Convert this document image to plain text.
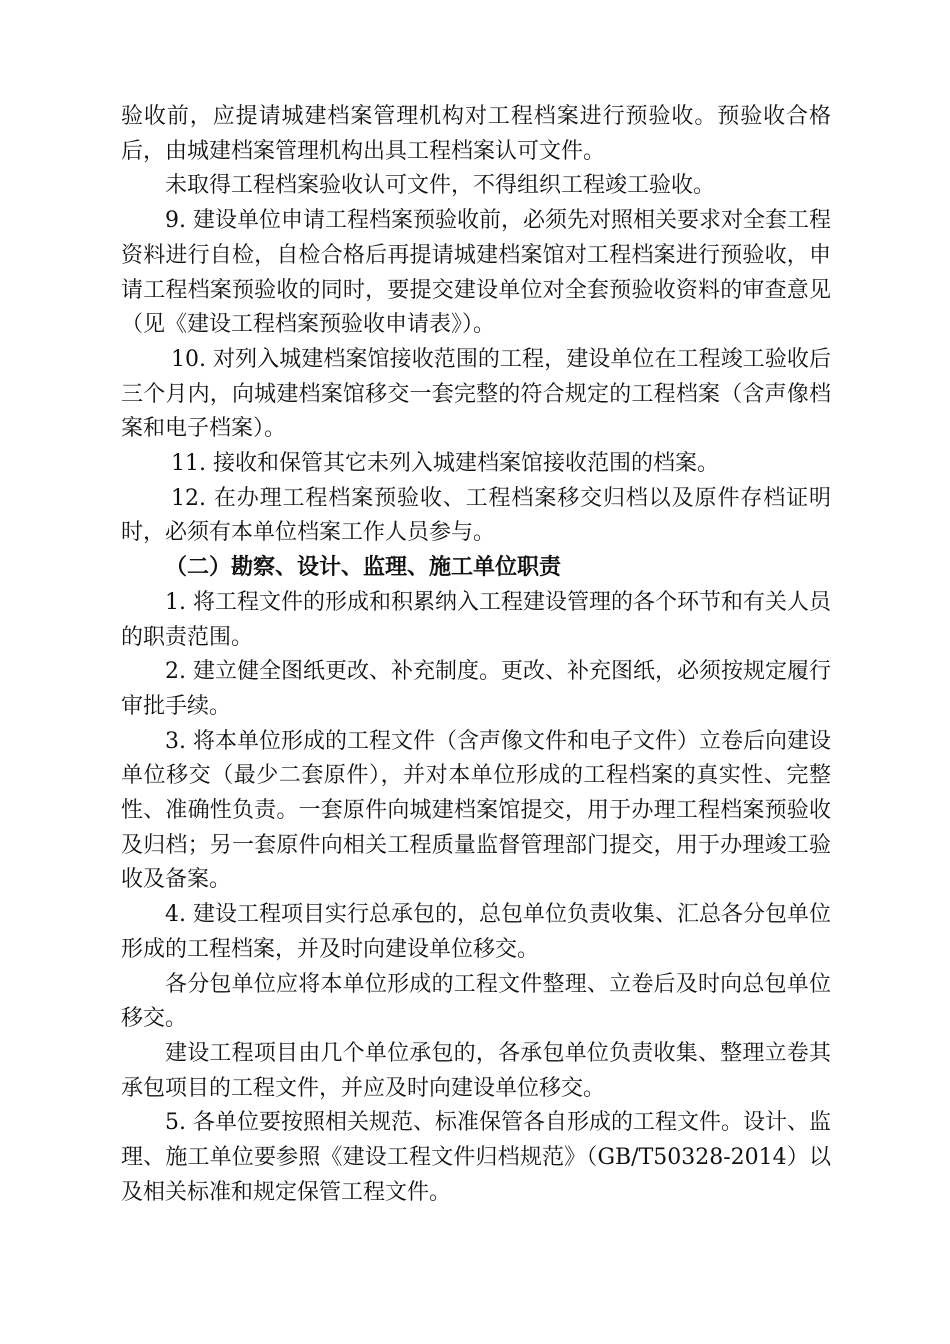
验收前，应提请城建档案管理机构对工程档案进行预验收。预验收合格后，由城建档案管理机构出具工程档案认可文件。

未取得工程档案验收认可文件，不得组织工程竣工验收。

9. 建设单位申请工程档案预验收前，必须先对照相关要求对全套工程资料进行自检，自检合格后再提请城建档案馆对工程档案进行预验收，申请工程档案预验收的同时，要提交建设单位对全套预验收资料的审查意见（见《建设工程档案预验收申请表》）。

10. 对列入城建档案馆接收范围的工程，建设单位在工程竣工验收后三个月内，向城建档案馆移交一套完整的符合规定的工程档案（含声像档案和电子档案）。

11. 接收和保管其它未列入城建档案馆接收范围的档案。

12. 在办理工程档案预验收、工程档案移交归档以及原件存档证明时，必须有本单位档案工作人员参与。

（二）勘察、设计、监理、施工单位职责

1. 将工程文件的形成和积累纳入工程建设管理的各个环节和有关人员的职责范围。

2. 建立健全图纸更改、补充制度。更改、补充图纸，必须按规定履行审批手续。

3. 将本单位形成的工程文件（含声像文件和电子文件）立卷后向建设单位移交（最少二套原件），并对本单位形成的工程档案的真实性、完整性、准确性负责。一套原件向城建档案馆提交，用于办理工程档案预验收及归档；另一套原件向相关工程质量监督管理部门提交，用于办理竣工验收及备案。

4. 建设工程项目实行总承包的，总包单位负责收集、汇总各分包单位形成的工程档案，并及时向建设单位移交。

各分包单位应将本单位形成的工程文件整理、立卷后及时向总包单位移交。

建设工程项目由几个单位承包的，各承包单位负责收集、整理立卷其承包项目的工程文件，并应及时向建设单位移交。

5. 各单位要按照相关规范、标准保管各自形成的工程文件。设计、监理、施工单位要参照《建设工程文件归档规范》（GB/T50328-2014）以及相关标准和规定保管工程文件。
